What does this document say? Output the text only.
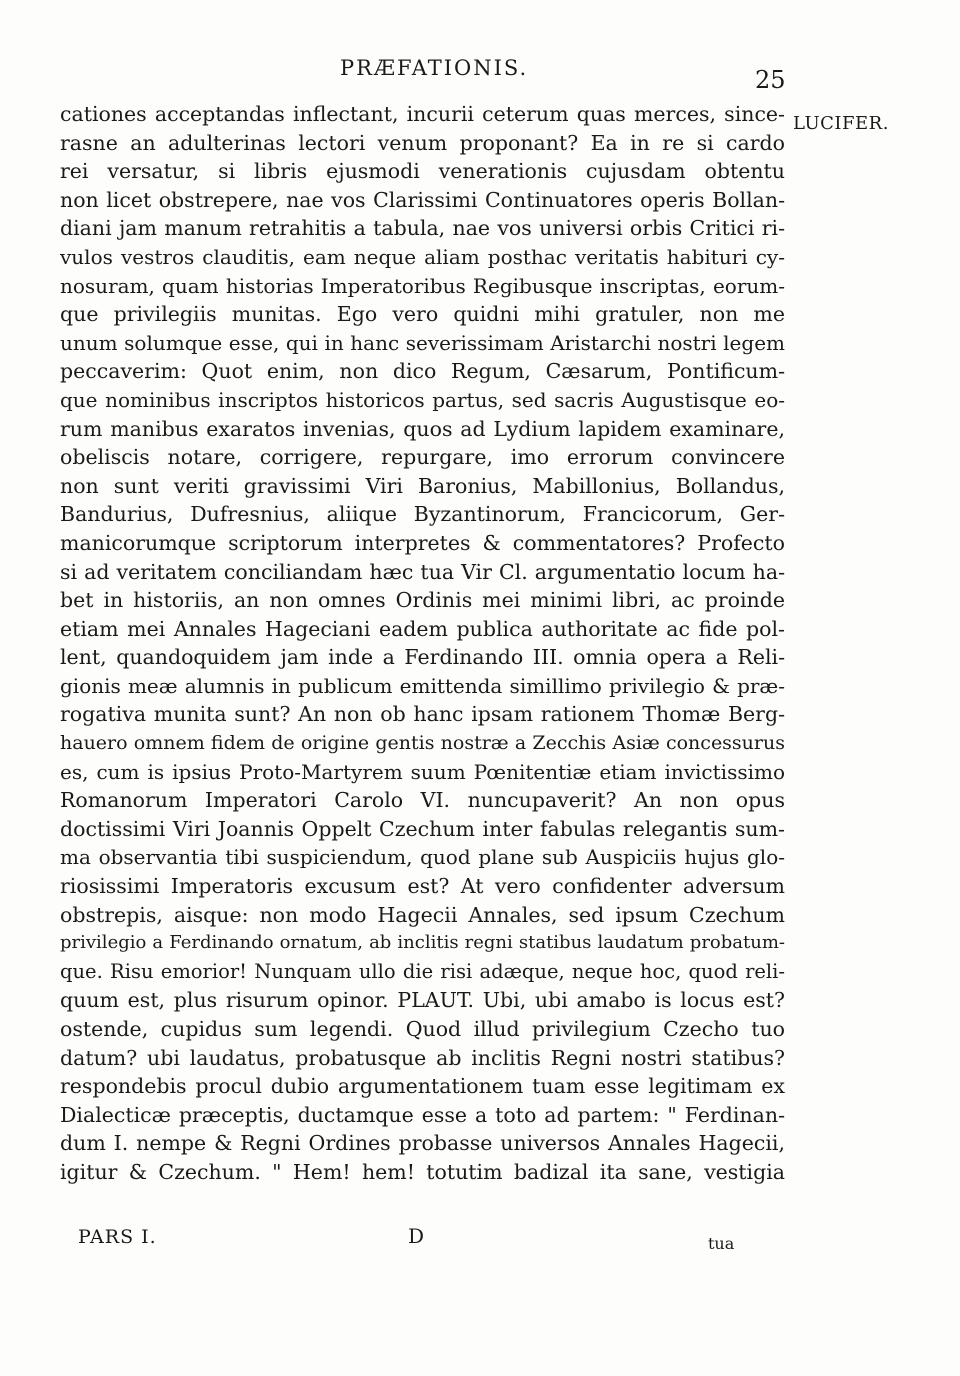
PRÆFATIONIS.	25
LUCIFER.
cationes acceptandas inflectant, incurii ceterum quas merces, since-
rasne an adulterinas lectori venum proponant? Ea in re si cardo
rei versatur, si libris ejusmodi venerationis cujusdam obtentu
non licet obstrepere, nae vos Clarissimi Continuatores operis Bollan-
diani jam manum retrahitis a tabula, nae vos universi orbis Critici ri-
vulos vestros clauditis, eam neque aliam posthac veritatis habituri cy-
nosuram, quam historias Imperatoribus Regibusque inscriptas, eorum-
que privilegiis munitas. Ego vero quidni mihi gratuler, non me
unum solumque esse, qui in hanc severissimam Aristarchi nostri legem
peccaverim: Quot enim, non dico Regum, Cæsarum, Pontificum-
que nominibus inscriptos historicos partus, sed sacris Augustisque eo-
rum manibus exaratos invenias, quos ad Lydium lapidem examinare,
obeliscis notare, corrigere, repurgare, imo errorum convincere
non sunt veriti gravissimi Viri Baronius, Mabillonius, Bollandus,
Bandurius, Dufresnius, aliique Byzantinorum, Francicorum, Ger-
manicorumque scriptorum interpretes & commentatores? Profecto
si ad veritatem conciliandam hæc tua Vir Cl. argumentatio locum ha-
bet in historiis, an non omnes Ordinis mei minimi libri, ac proinde
etiam mei Annales Hageciani eadem publica authoritate ac fide pol-
lent, quandoquidem jam inde a Ferdinando III. omnia opera a Reli-
gionis meæ alumnis in publicum emittenda simillimo privilegio & præ-
rogativa munita sunt? An non ob hanc ipsam rationem Thomæ Berg-
hauero omnem fidem de origine gentis nostræ a Zecchis Asiæ concessurus
es, cum is ipsius Proto-Martyrem suum Pœnitentiæ etiam invictissimo
Romanorum Imperatori Carolo VI. nuncupaverit? An non opus
doctissimi Viri Joannis Oppelt Czechum inter fabulas relegantis sum-
ma observantia tibi suspiciendum, quod plane sub Auspiciis hujus glo-
riosissimi Imperatoris excusum est? At vero confidenter adversum
obstrepis, aisque: non modo Hagecii Annales, sed ipsum Czechum
privilegio a Ferdinando ornatum, ab inclitis regni statibus laudatum probatum-
que. Risu emorior! Nunquam ullo die risi adæque, neque hoc, quod reli-
quum est, plus risurum opinor. PLAUT. Ubi, ubi amabo is locus est?
ostende, cupidus sum legendi. Quod illud privilegium Czecho tuo
datum? ubi laudatus, probatusque ab inclitis Regni nostri statibus?
respondebis procul dubio argumentationem tuam esse legitimam ex
Dialecticæ præceptis, ductamque esse a toto ad partem: " Ferdinan-
dum I. nempe & Regni Ordines probasse universos Annales Hagecii,
igitur & Czechum. " Hem! hem! totutim badizal ita sane, vestigia
PARS I.	D	tua
